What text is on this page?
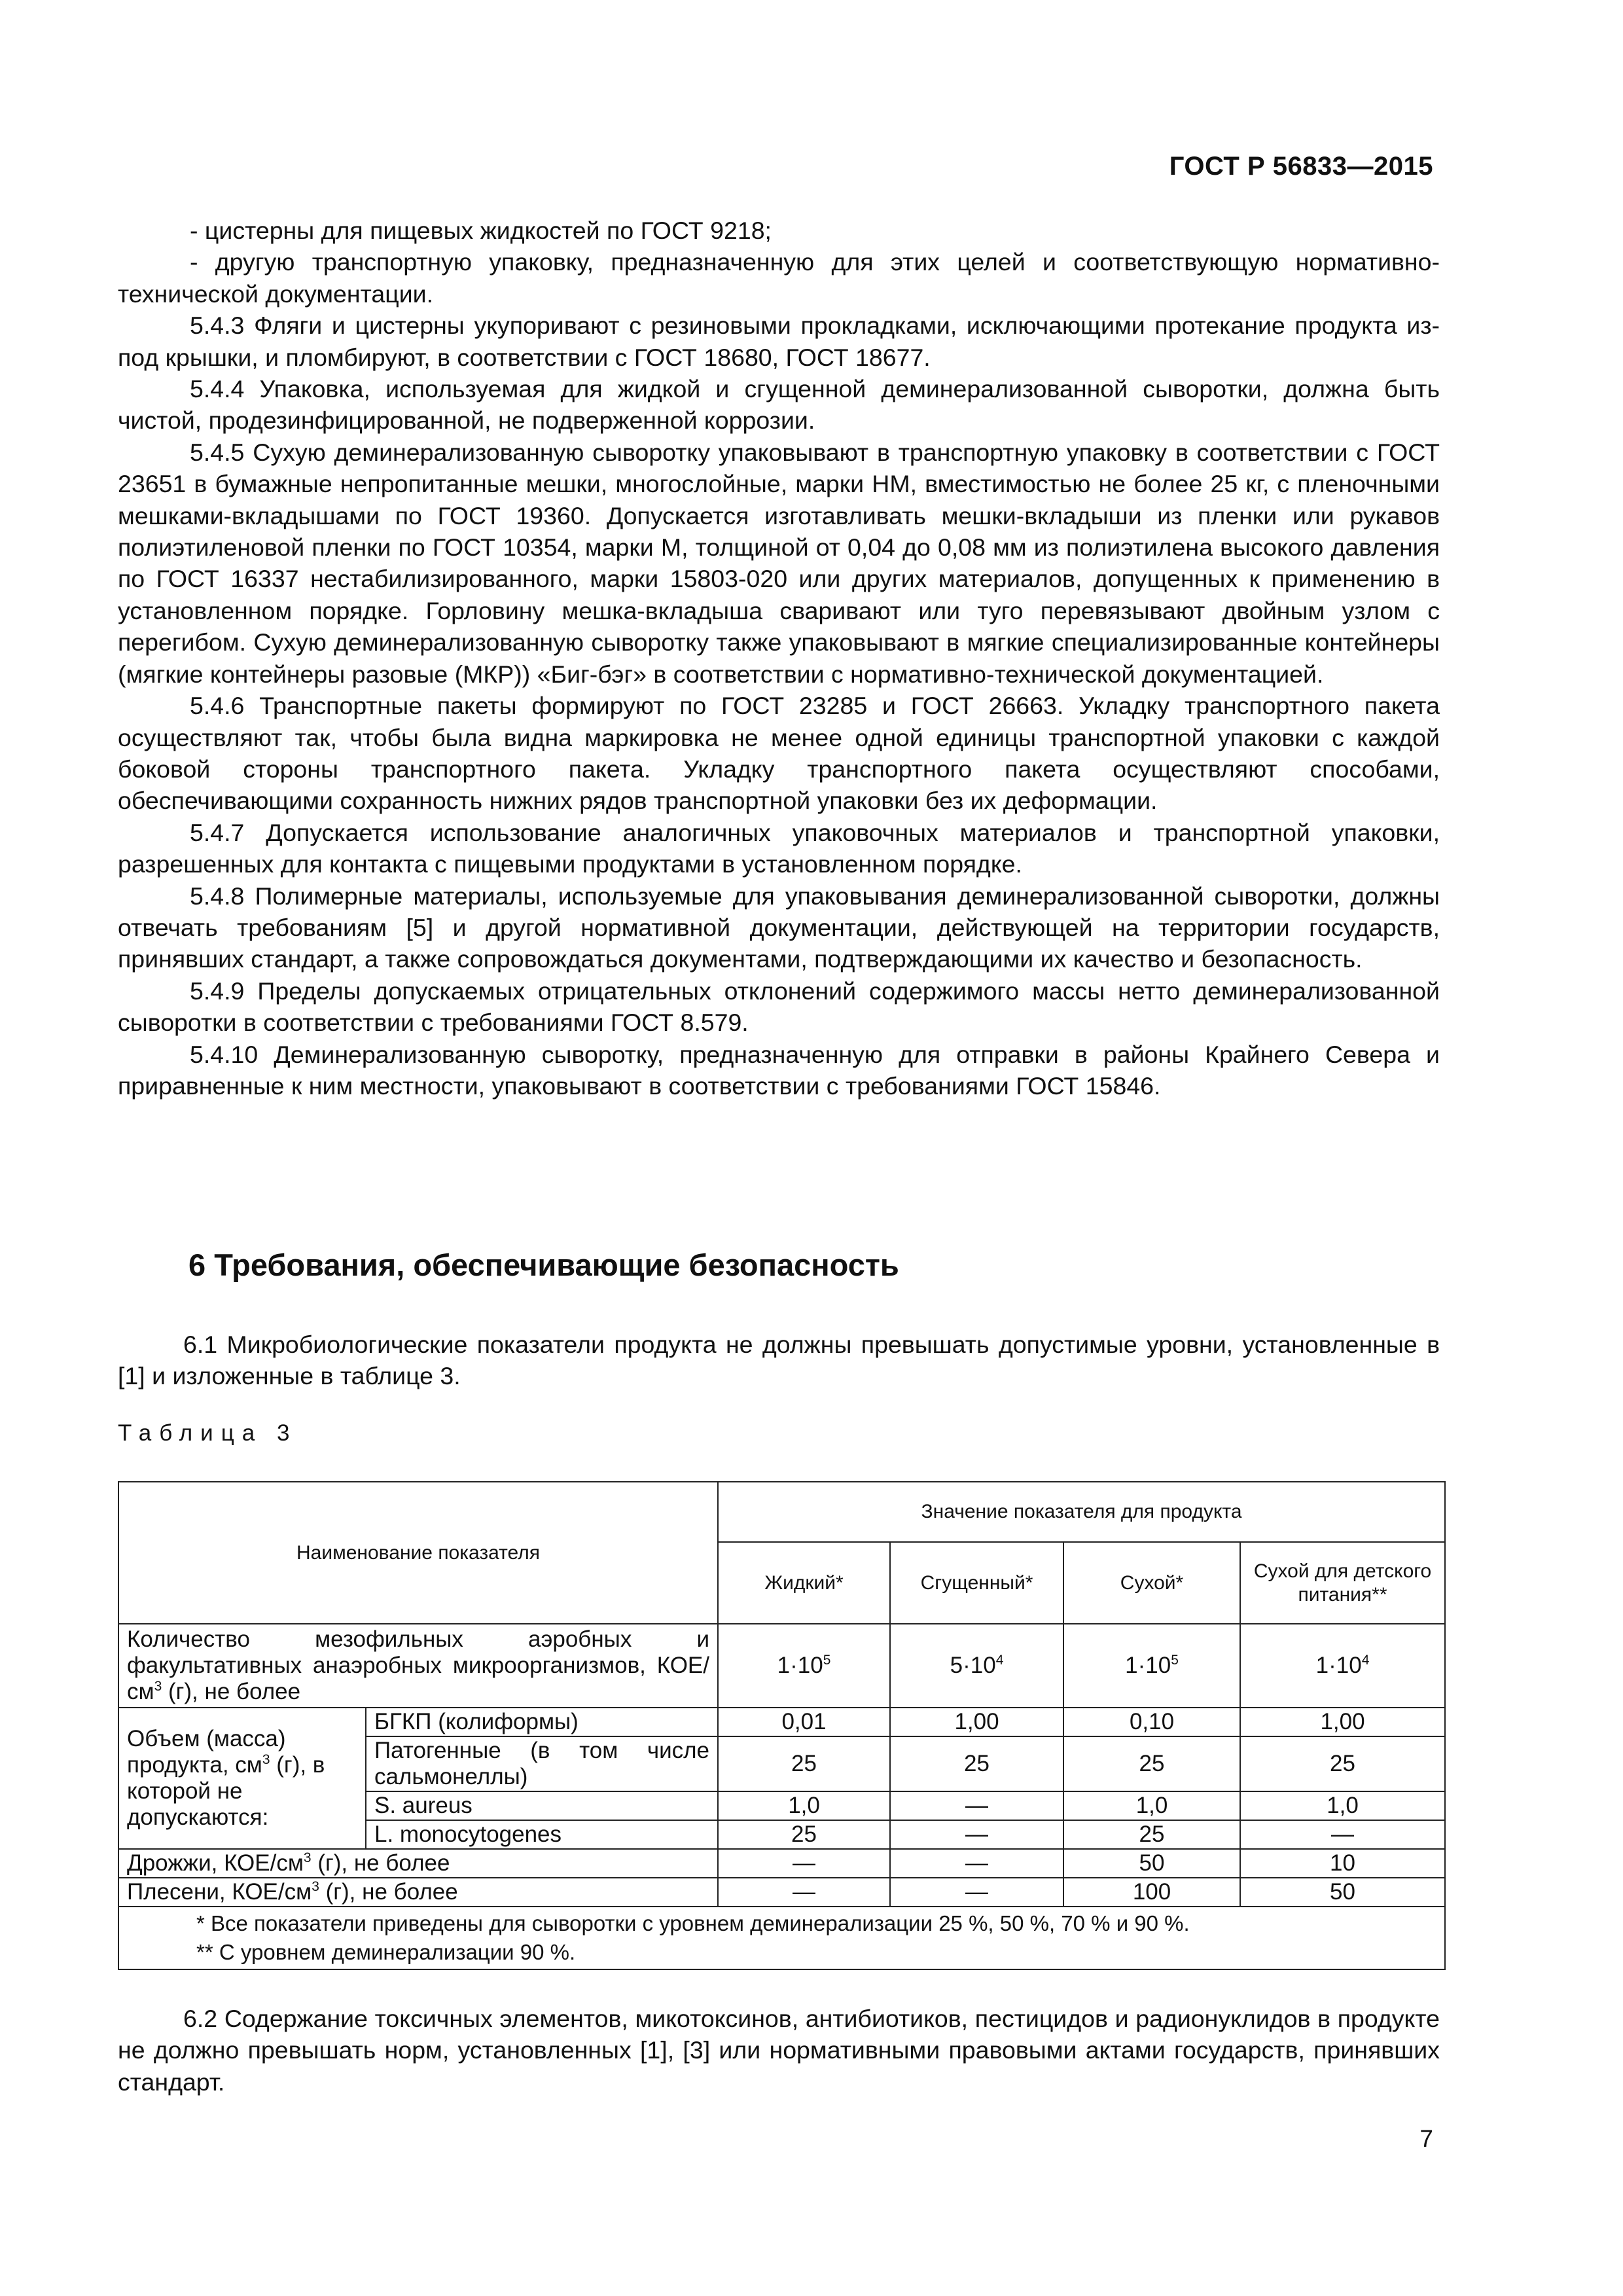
ГОСТ Р 56833—2015

- цистерны для пищевых жидкостей по ГОСТ 9218;

- другую транспортную упаковку, предназначенную для этих целей и соответствующую нормативно-технической документации.

5.4.3 Фляги и цистерны укупоривают с резиновыми прокладками, исключающими протекание продукта из-под крышки, и пломбируют, в соответствии с ГОСТ 18680, ГОСТ 18677.

5.4.4 Упаковка, используемая для жидкой и сгущенной деминерализованной сыворотки, должна быть чистой, продезинфицированной, не подверженной коррозии.

5.4.5 Сухую деминерализованную сыворотку упаковывают в транспортную упаковку в соответствии с ГОСТ 23651 в бумажные непропитанные мешки, многослойные, марки НМ, вместимостью не более 25 кг, с пленочными мешками-вкладышами по ГОСТ 19360. Допускается изготавливать мешки-вкладыши из пленки или рукавов полиэтиленовой пленки по ГОСТ 10354, марки М, толщиной от 0,04 до 0,08 мм из полиэтилена высокого давления по ГОСТ 16337 нестабилизированного, марки 15803-020 или других материалов, допущенных к применению в установленном порядке. Горловину мешка-вкладыша сваривают или туго перевязывают двойным узлом с перегибом. Сухую деминерализованную сыворотку также упаковывают в мягкие специализированные контейнеры (мягкие контейнеры разовые (МКР)) «Биг-бэг» в соответствии с нормативно-технической документацией.

5.4.6 Транспортные пакеты формируют по ГОСТ 23285 и ГОСТ 26663. Укладку транспортного пакета осуществляют так, чтобы была видна маркировка не менее одной единицы транспортной упаковки с каждой боковой стороны транспортного пакета. Укладку транспортного пакета осуществляют способами, обеспечивающими сохранность нижних рядов транспортной упаковки без их деформации.

5.4.7 Допускается использование аналогичных упаковочных материалов и транспортной упаковки, разрешенных для контакта с пищевыми продуктами в установленном порядке.

5.4.8 Полимерные материалы, используемые для упаковывания деминерализованной сыворотки, должны отвечать требованиям [5] и другой нормативной документации, действующей на территории государств, принявших стандарт, а также сопровождаться документами, подтверждающими их качество и безопасность.

5.4.9 Пределы допускаемых отрицательных отклонений содержимого массы нетто деминерализованной сыворотки в соответствии с требованиями ГОСТ 8.579.

5.4.10 Деминерализованную сыворотку, предназначенную для отправки в районы Крайнего Севера и приравненные к ним местности, упаковывают в соответствии с требованиями ГОСТ 15846.

6 Требования, обеспечивающие безопасность

6.1 Микробиологические показатели продукта не должны превышать допустимые уровни, установленные в [1] и изложенные в таблице 3.

Таблица 3
Наименование показателя		Значение показателя для продукта			
		Жидкий*	Сгущенный*	Сухой*	Сухой для детского питания**
Количество мезофильных аэробных и факультативных анаэробных микроорганизмов, КОЕ/$см^3$ (г), не более		$1\cdot 10^5$	$5\cdot 10^4$	$1\cdot 10^5$	$1\cdot 10^4$
Объем (масса) продукта, $см^3$ (г), в которой не допускаются:	БГКП (колиформы)	0,01	1,00	0,10	1,00
	Патогенные (в том числе сальмонеллы)	25	25	25	25
	S. aureus	1,0	—	1,0	1,0
	L. monocytogenes	25	—	25	—
Дрожжи, КОЕ/$см^3$ (г), не более		—	—	50	10
Плесени, КОЕ/$см^3$ (г), не более		—	—	100	50

* Все показатели приведены для сыворотки с уровнем деминерализации 25 %, 50 %, 70 % и 90 %.
** С уровнем деминерализации 90 %.					

6.2 Содержание токсичных элементов, микотоксинов, антибиотиков, пестицидов и радионуклидов в продукте не должно превышать норм, установленных [1], [3] или нормативными правовыми актами государств, принявших стандарт.

7
